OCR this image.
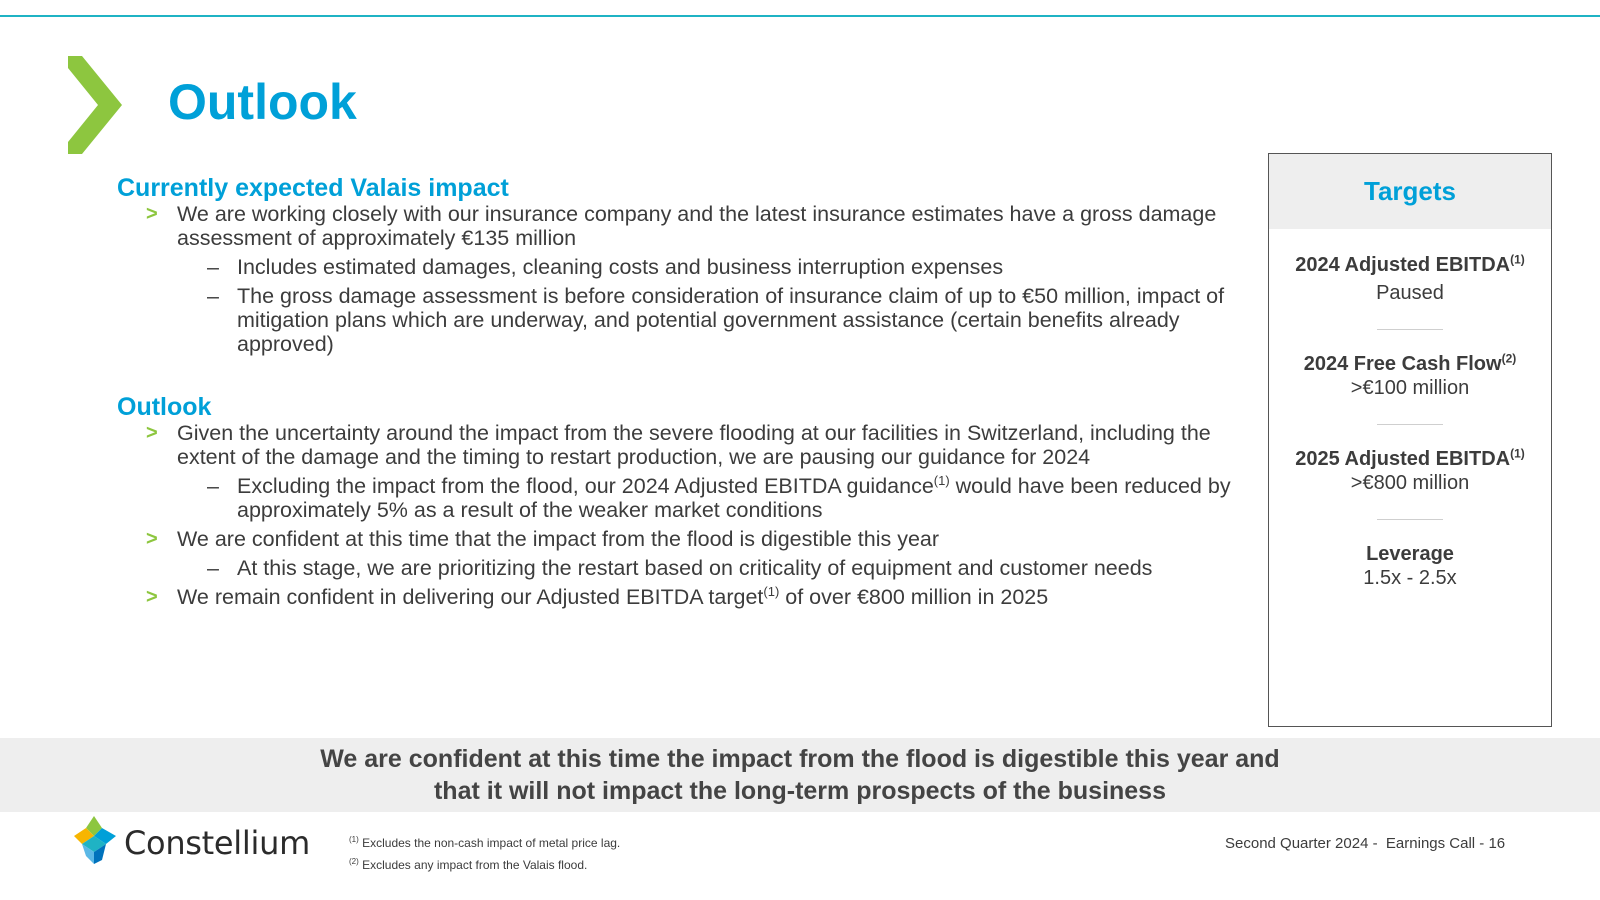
Outlook
Currently expected Valais impact
> We are working closely with our insurance company and the latest insurance estimates have a gross damage assessment of approximately €135 million
– Includes estimated damages, cleaning costs and business interruption expenses
– The gross damage assessment is before consideration of insurance claim of up to €50 million, impact of mitigation plans which are underway, and potential government assistance (certain benefits already approved)
Outlook
> Given the uncertainty around the impact from the severe flooding at our facilities in Switzerland, including the extent of the damage and the timing to restart production, we are pausing our guidance for 2024
– Excluding the impact from the flood, our 2024 Adjusted EBITDA guidance$^{(1)}$ would have been reduced by approximately 5% as a result of the weaker market conditions
> We are confident at this time that the impact from the flood is digestible this year
– At this stage, we are prioritizing the restart based on criticality of equipment and customer needs
> We remain confident in delivering our Adjusted EBITDA target$^{(1)}$ of over €800 million in 2025
Targets
2024 Adjusted EBITDA$^{(1)}$
Paused
2024 Free Cash Flow$^{(2)}$
>€100 million
2025 Adjusted $EBITDA^{(1)}$
>€800 million
Leverage
1.5x - 2.5x
We are confident at this time the impact from the flood is digestible this year and
that it will not impact the long-term prospects of the business
Constellium	$^{(1)}$ Excludes the non-cash impact of metal price lag.
$^{(2)}$ Excludes any impact from the Valais flood.
Second Quarter 2024 -  Earnings Call - 16
